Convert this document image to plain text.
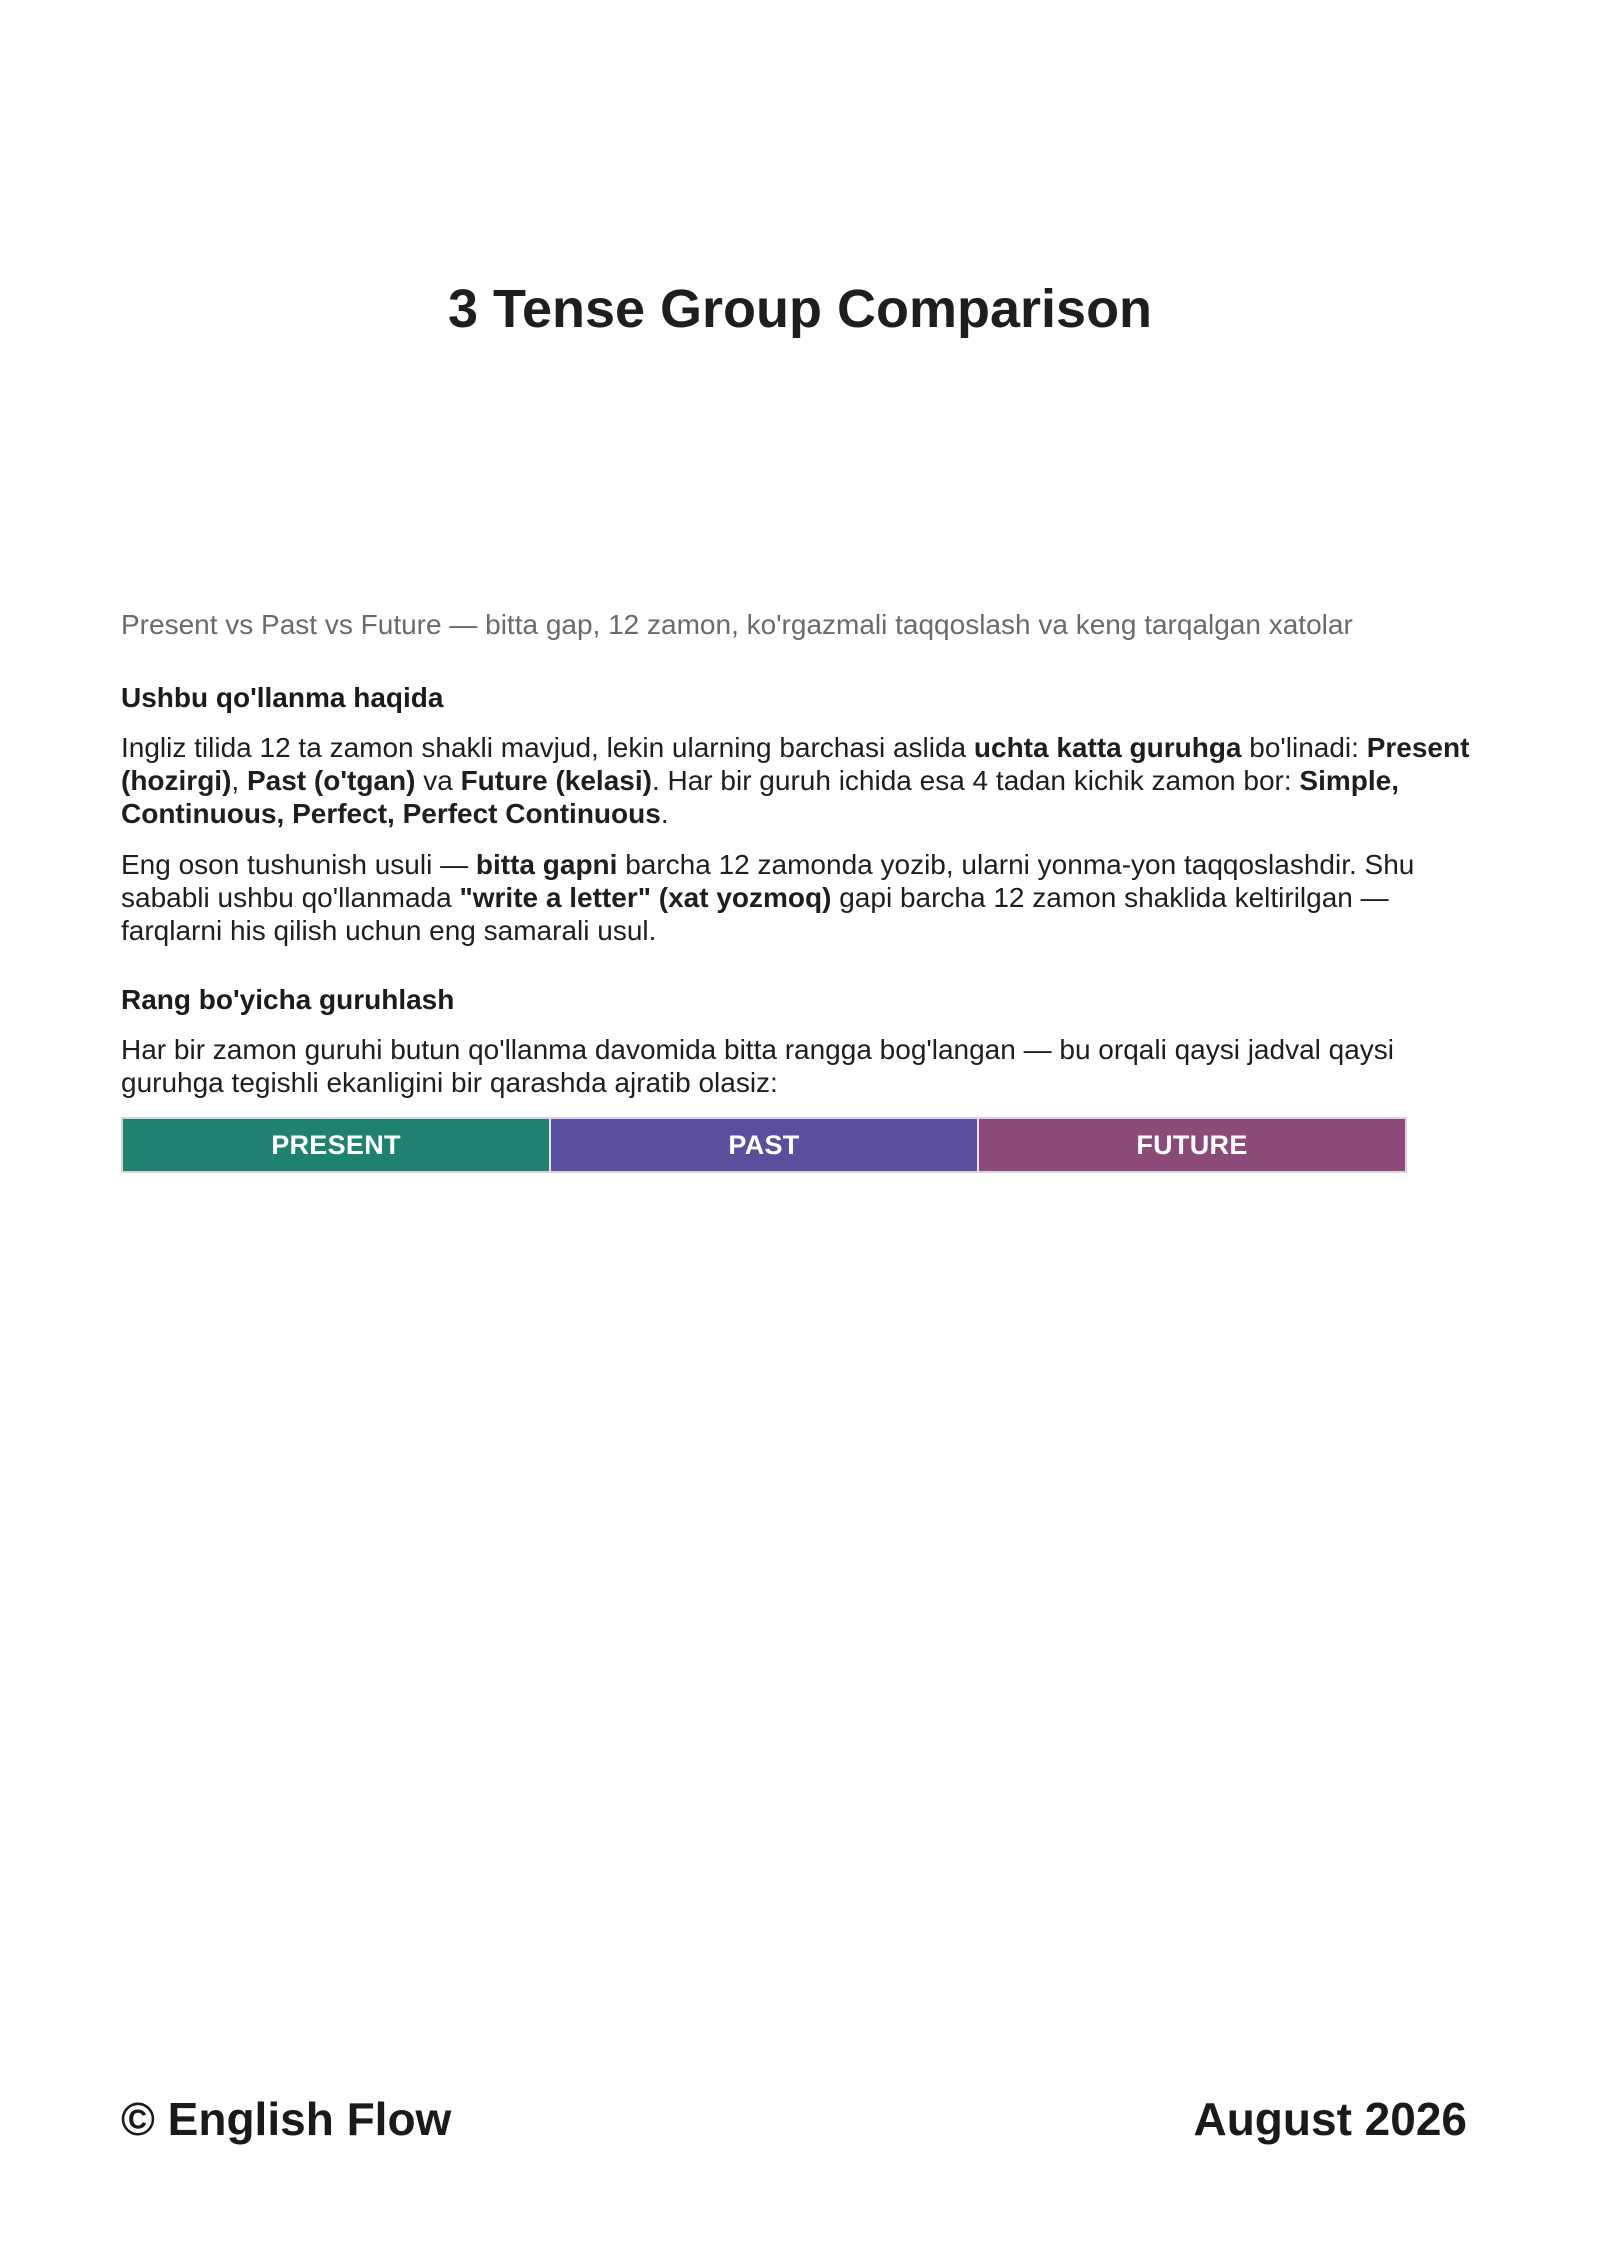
3 Tense Group Comparison

Present vs Past vs Future — bitta gap, 12 zamon, ko'rgazmali taqqoslash va keng tarqalgan xatolar

Ushbu qo'llanma haqida

Ingliz tilida 12 ta zamon shakli mavjud, lekin ularning barchasi aslida uchta katta guruhga bo'linadi: Present (hozirgi), Past (o'tgan) va Future (kelasi). Har bir guruh ichida esa 4 tadan kichik zamon bor: Simple, Continuous, Perfect, Perfect Continuous.

Eng oson tushunish usuli — bitta gapni barcha 12 zamonda yozib, ularni yonma-yon taqqoslashdir. Shu sababli ushbu qo'llanmada "write a letter" (xat yozmoq) gapi barcha 12 zamon shaklida keltirilgan — farqlarni his qilish uchun eng samarali usul.

Rang bo'yicha guruhlash

Har bir zamon guruhi butun qo'llanma davomida bitta rangga bog'langan — bu orqali qaysi jadval qaysi guruhga tegishli ekanligini bir qarashda ajratib olasiz:

PRESENT	PAST	FUTURE
© English Flow	August 2026
